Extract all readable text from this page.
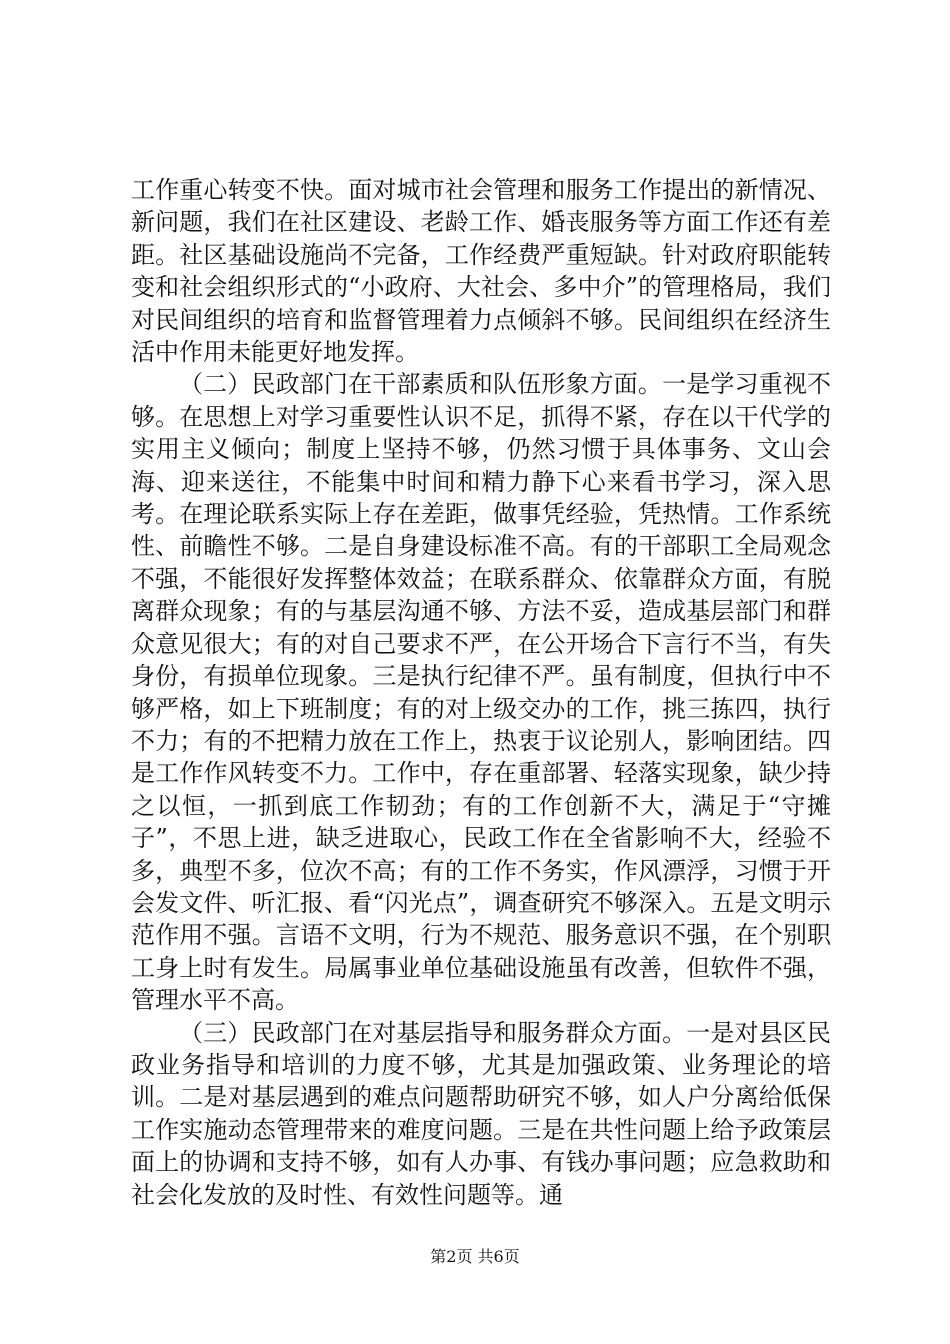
工作重心转变不快。面对城市社会管理和服务工作提出的新情况、新问题，我们在社区建设、老龄工作、婚丧服务等方面工作还有差距。社区基础设施尚不完备，工作经费严重短缺。针对政府职能转变和社会组织形式的“小政府、大社会、多中介”的管理格局，我们对民间组织的培育和监督管理着力点倾斜不够。民间组织在经济生活中作用未能更好地发挥。

（二）民政部门在干部素质和队伍形象方面。一是学习重视不够。在思想上对学习重要性认识不足，抓得不紧，存在以干代学的实用主义倾向；制度上坚持不够，仍然习惯于具体事务、文山会海、迎来送往，不能集中时间和精力静下心来看书学习，深入思考。在理论联系实际上存在差距，做事凭经验，凭热情。工作系统性、前瞻性不够。二是自身建设标准不高。有的干部职工全局观念不强，不能很好发挥整体效益；在联系群众、依靠群众方面，有脱离群众现象；有的与基层沟通不够、方法不妥，造成基层部门和群众意见很大；有的对自己要求不严，在公开场合下言行不当，有失身份，有损单位现象。三是执行纪律不严。虽有制度，但执行中不够严格，如上下班制度；有的对上级交办的工作，挑三拣四，执行不力；有的不把精力放在工作上，热衷于议论别人，影响团结。四是工作作风转变不力。工作中，存在重部署、轻落实现象，缺少持之以恒，一抓到底工作韧劲；有的工作创新不大，满足于“守摊子”，不思上进，缺乏进取心，民政工作在全省影响不大，经验不多，典型不多，位次不高；有的工作不务实，作风漂浮，习惯于开会发文件、听汇报、看“闪光点”，调查研究不够深入。五是文明示范作用不强。言语不文明，行为不规范、服务意识不强，在个别职工身上时有发生。局属事业单位基础设施虽有改善，但软件不强，管理水平不高。

（三）民政部门在对基层指导和服务群众方面。一是对县区民政业务指导和培训的力度不够，尤其是加强政策、业务理论的培训。二是对基层遇到的难点问题帮助研究不够，如人户分离给低保工作实施动态管理带来的难度问题。三是在共性问题上给予政策层面上的协调和支持不够，如有人办事、有钱办事问题；应急救助和社会化发放的及时性、有效性问题等。通

第2页 共6页
